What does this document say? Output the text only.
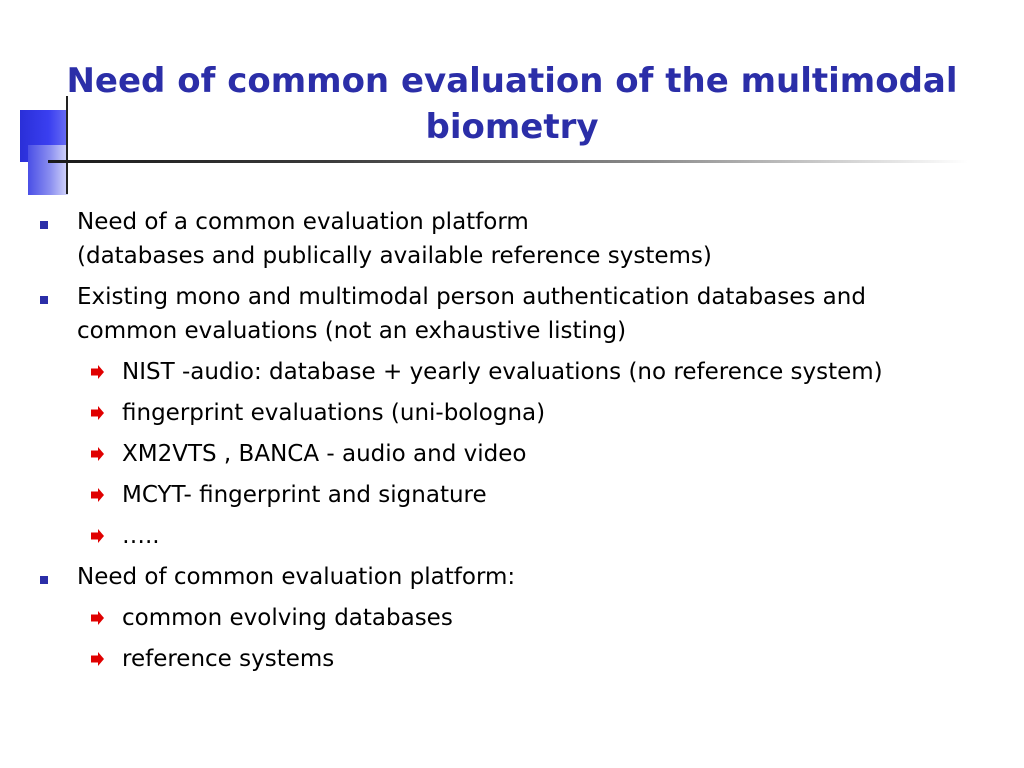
Need of common evaluation of the multimodal biometry
Need of a common evaluation platform
(databases and publically available reference systems)
Existing mono and multimodal person authentication databases and
common evaluations (not an exhaustive listing)
NIST -audio: database + yearly evaluations (no reference system)
fingerprint evaluations (uni-bologna)
XM2VTS , BANCA - audio and video
MCYT- fingerprint and signature
…..
Need of common evaluation platform:
common evolving databases
reference systems
